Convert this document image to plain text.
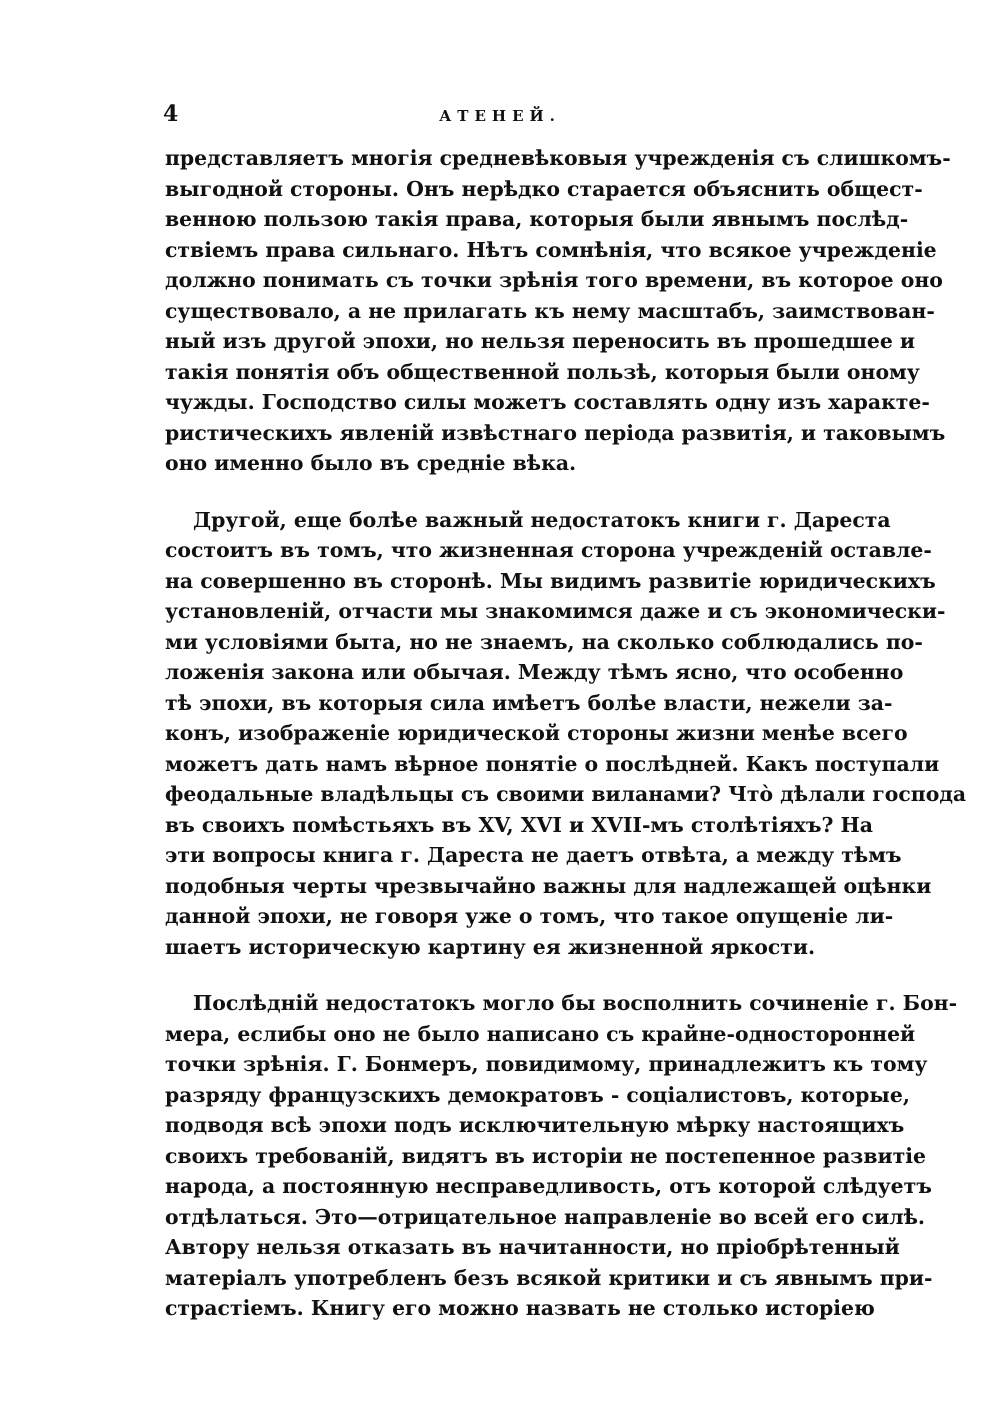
4	АТЕНЕЙ.
представляетъ многія средневѣковыя учрежденія съ слишкомъ-
выгодной стороны. Онъ нерѣдко старается объяснить общест-
венною пользою такія права, которыя были явнымъ послѣд-
ствіемъ права сильнаго. Нѣтъ сомнѣнія, что всякое учрежденіе
должно понимать съ точки зрѣнія того времени, въ которое оно
существовало, а не прилагать къ нему масштабъ, заимствован-
ный изъ другой эпохи, но нельзя переносить въ прошедшее и
такія понятія объ общественной пользѣ, которыя были оному
чужды. Господство силы можетъ составлять одну изъ характе-
ристическихъ явленій извѣстнаго періода развитія, и таковымъ
оно именно было въ средніе вѣка.
Другой, еще болѣе важный недостатокъ книги г. Дареста
состоитъ въ томъ, что жизненная сторона учрежденій оставле-
на совершенно въ сторонѣ. Мы видимъ развитіе юридическихъ
установленій, отчасти мы знакомимся даже и съ экономически-
ми условіями быта, но не знаемъ, на сколько соблюдались по-
ложенія закона или обычая. Между тѣмъ ясно, что особенно
тѣ эпохи, въ которыя сила имѣетъ болѣе власти, нежели за-
конъ, изображеніе юридической стороны жизни менѣе всего
можетъ дать намъ вѣрное понятіе о послѣдней. Какъ поступали
феодальные владѣльцы съ своими виланами? Чтò дѣлали господа
въ своихъ помѣстьяхъ въ XV, XVI и XVII-мъ столѣтіяхъ? На
эти вопросы книга г. Дареста не даетъ отвѣта, а между тѣмъ
подобныя черты чрезвычайно важны для надлежащей оцѣнки
данной эпохи, не говоря уже о томъ, что такое опущеніе ли-
шаетъ историческую картину ея жизненной яркости.
Послѣдній недостатокъ могло бы восполнить сочиненіе г. Бон-
мера, еслибы оно не было написано съ крайне-односторонней
точки зрѣнія. Г. Бонмеръ, повидимому, принадлежитъ къ тому
разряду французскихъ демократовъ - соціалистовъ, которые,
подводя всѣ эпохи подъ исключительную мѣрку настоящихъ
своихъ требованій, видятъ въ исторіи не постепенное развитіе
народа, а постоянную несправедливость, отъ которой слѣдуетъ
отдѣлаться. Это—отрицательное направленіе во всей его силѣ.
Автору нельзя отказать въ начитанности, но пріобрѣтенный
матеріалъ употребленъ безъ всякой критики и съ явнымъ при-
страстіемъ. Книгу его можно назвать не столько исторіею
